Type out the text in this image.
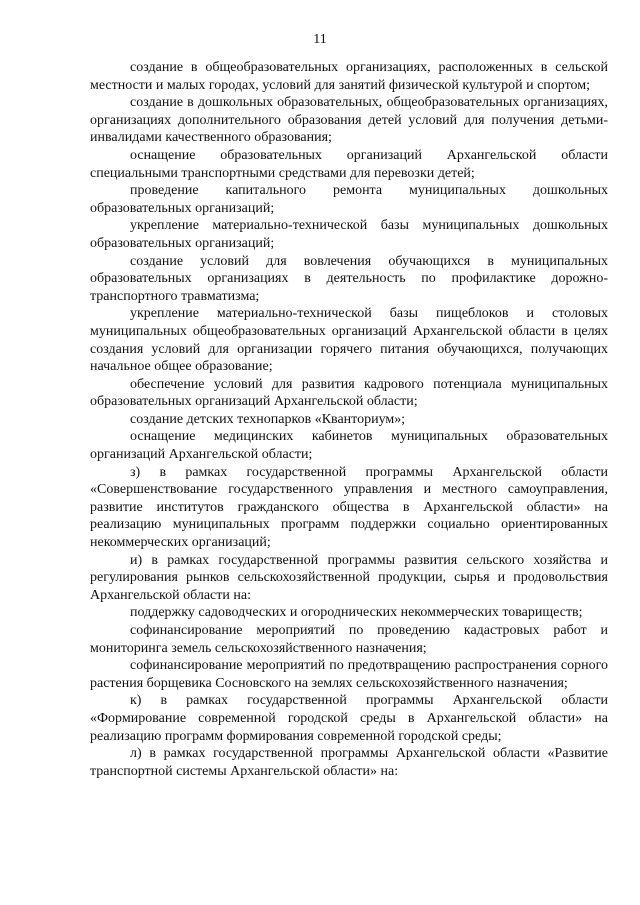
11

создание в общеобразовательных организациях, расположенных в сельской местности и малых городах, условий для занятий физической культурой и спортом;

создание в дошкольных образовательных, общеобразовательных организациях, организациях дополнительного образования детей условий для получения детьми-инвалидами качественного образования;

оснащение образовательных организаций Архангельской области специальными транспортными средствами для перевозки детей;

проведение капитального ремонта муниципальных дошкольных образовательных организаций;

укрепление материально-технической базы муниципальных дошкольных образовательных организаций;

создание условий для вовлечения обучающихся в муниципальных образовательных организациях в деятельность по профилактике дорожно-транспортного травматизма;

укрепление материально-технической базы пищеблоков и столовых муниципальных общеобразовательных организаций Архангельской области в целях создания условий для организации горячего питания обучающихся, получающих начальное общее образование;

обеспечение условий для развития кадрового потенциала муниципальных образовательных организаций Архангельской области;

создание детских технопарков «Кванториум»;

оснащение медицинских кабинетов муниципальных образовательных организаций Архангельской области;

з) в рамках государственной программы Архангельской области «Совершенствование государственного управления и местного самоуправления, развитие институтов гражданского общества в Архангельской области» на реализацию муниципальных программ поддержки социально ориентированных некоммерческих организаций;

и) в рамках государственной программы развития сельского хозяйства и регулирования рынков сельскохозяйственной продукции, сырья и продовольствия Архангельской области на:

поддержку садоводческих и огороднических некоммерческих товариществ;

софинансирование мероприятий по проведению кадастровых работ и мониторинга земель сельскохозяйственного назначения;

софинансирование мероприятий по предотвращению распространения сорного растения борщевика Сосновского на землях сельскохозяйственного назначения;

к) в рамках государственной программы Архангельской области «Формирование современной городской среды в Архангельской области» на реализацию программ формирования современной городской среды;

л) в рамках государственной программы Архангельской области «Развитие транспортной системы Архангельской области» на:
